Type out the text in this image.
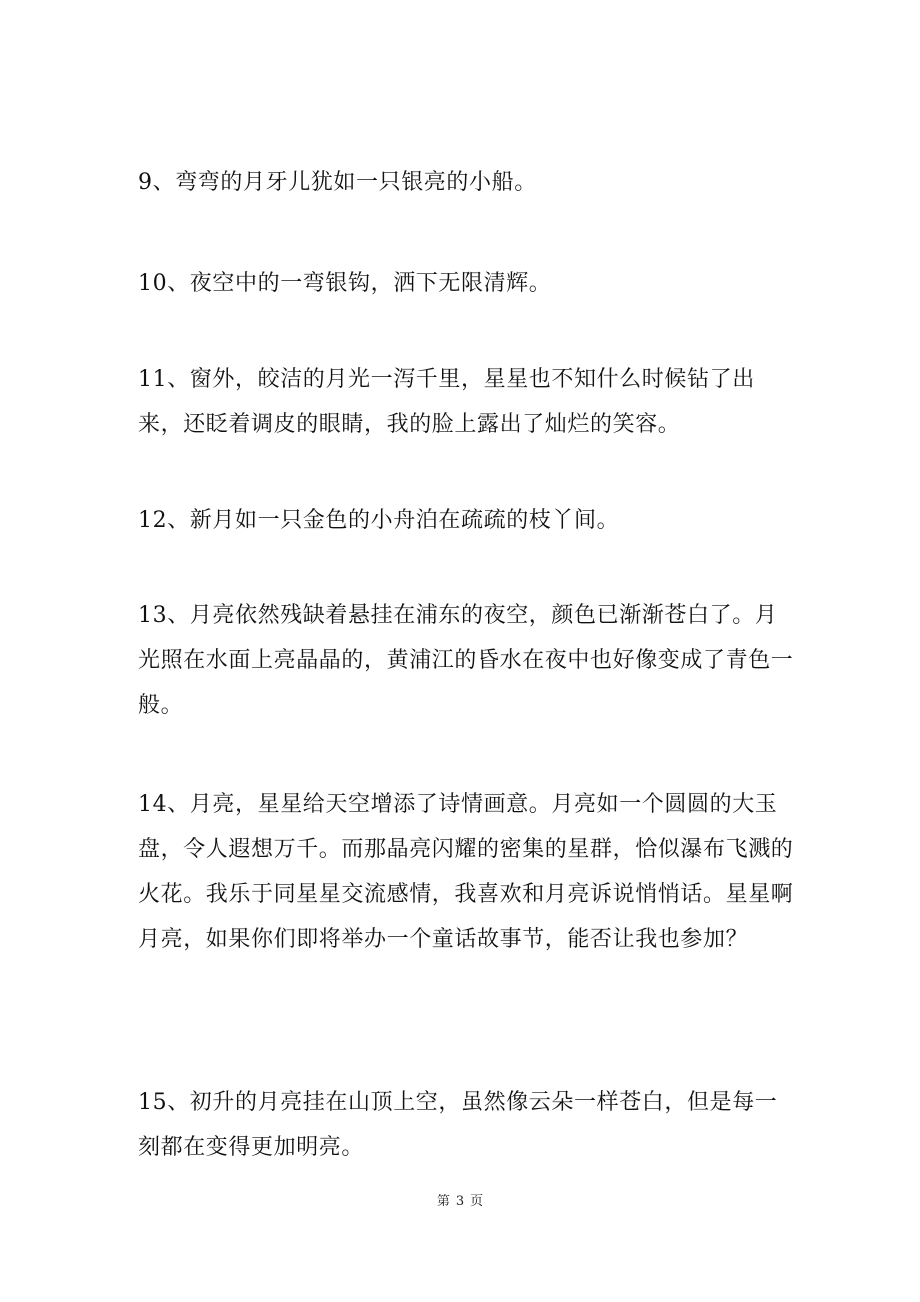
9、弯弯的月牙儿犹如一只银亮的小船。

10、夜空中的一弯银钩，洒下无限清辉。

11、窗外，皎洁的月光一泻千里，星星也不知什么时候钻了出来，还眨着调皮的眼睛，我的脸上露出了灿烂的笑容。

12、新月如一只金色的小舟泊在疏疏的枝丫间。

13、月亮依然残缺着悬挂在浦东的夜空，颜色已渐渐苍白了。月光照在水面上亮晶晶的，黄浦江的昏水在夜中也好像变成了青色一般。

14、月亮，星星给天空增添了诗情画意。月亮如一个圆圆的大玉盘，令人遐想万千。而那晶亮闪耀的密集的星群，恰似瀑布飞溅的火花。我乐于同星星交流感情，我喜欢和月亮诉说悄悄话。星星啊月亮，如果你们即将举办一个童话故事节，能否让我也参加？

15、初升的月亮挂在山顶上空，虽然像云朵一样苍白，但是每一刻都在变得更加明亮。

第 3 页
